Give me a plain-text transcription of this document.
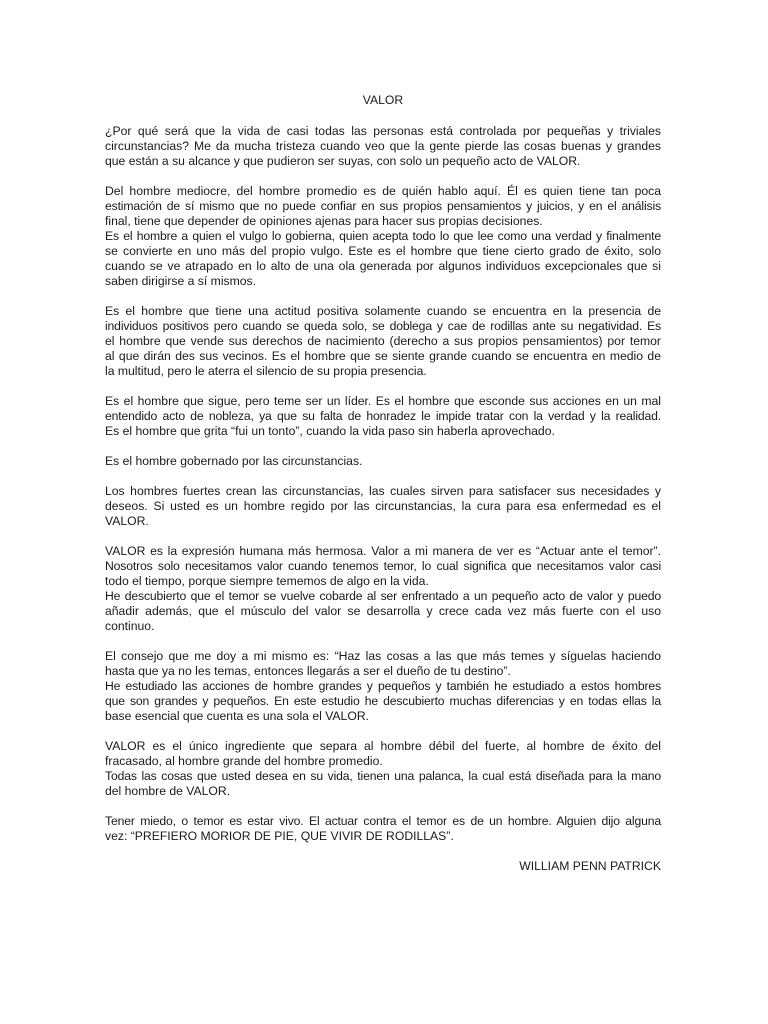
VALOR
¿Por qué será que la vida de casi todas las personas está controlada por pequeñas y triviales
circunstancias? Me da mucha tristeza cuando veo que la gente pierde las cosas buenas y grandes
que están a su alcance y que pudieron ser suyas, con solo un pequeño acto de VALOR.
Del hombre mediocre, del hombre promedio es de quién hablo aquí. Él es quien tiene tan poca
estimación de sí mismo que no puede confiar en sus propios pensamientos y juicios, y en el análisis
final, tiene que depender de opiniones ajenas para hacer sus propias decisiones.
Es el hombre a quien el vulgo lo gobierna, quien acepta todo lo que lee como una verdad y finalmente
se convierte en uno más del propio vulgo. Este es el hombre que tiene cierto grado de éxito, solo
cuando se ve atrapado en lo alto de una ola generada por algunos individuos excepcionales que si
saben dirigirse a sí mismos.
Es el hombre que tiene una actitud positiva solamente cuando se encuentra en la presencia de
individuos positivos pero cuando se queda solo, se doblega y cae de rodillas ante su negatividad. Es
el hombre que vende sus derechos de nacimiento (derecho a sus propios pensamientos) por temor
al que dirán des sus vecinos. Es el hombre que se siente grande cuando se encuentra en medio de
la multitud, pero le aterra el silencio de su propia presencia.
Es el hombre que sigue, pero teme ser un líder. Es el hombre que esconde sus acciones en un mal
entendido acto de nobleza, ya que su falta de honradez le impide tratar con la verdad y la realidad.
Es el hombre que grita “fui un tonto”, cuando la vida paso sin haberla aprovechado.
Es el hombre gobernado por las circunstancias.
Los hombres fuertes crean las circunstancias, las cuales sirven para satisfacer sus necesidades y
deseos. Si usted es un hombre regido por las circunstancias, la cura para esa enfermedad es el
VALOR.
VALOR es la expresión humana más hermosa. Valor a mi manera de ver es “Actuar ante el temor”.
Nosotros solo necesitamos valor cuando tenemos temor, lo cual significa que necesitamos valor casi
todo el tiempo, porque siempre tememos de algo en la vida.
He descubierto que el temor se vuelve cobarde al ser enfrentado a un pequeño acto de valor y puedo
añadir además, que el músculo del valor se desarrolla y crece cada vez más fuerte con el uso
continuo.
El consejo que me doy a mi mismo es: “Haz las cosas a las que más temes y síguelas haciendo
hasta que ya no les temas, entonces llegarás a ser el dueño de tu destino”.
He estudiado las acciones de hombre grandes y pequeños y también he estudiado a estos hombres
que son grandes y pequeños. En este estudio he descubierto muchas diferencias y en todas ellas la
base esencial que cuenta es una sola el VALOR.
VALOR es el único ingrediente que separa al hombre débil del fuerte, al hombre de éxito del
fracasado, al hombre grande del hombre promedio.
Todas las cosas que usted desea en su vida, tienen una palanca, la cual está diseñada para la mano
del hombre de VALOR.
Tener miedo, o temor es estar vivo. El actuar contra el temor es de un hombre. Alguien dijo alguna
vez: “PREFIERO MORIOR DE PIE, QUE VIVIR DE RODILLAS”.
WILLIAM PENN PATRICK
